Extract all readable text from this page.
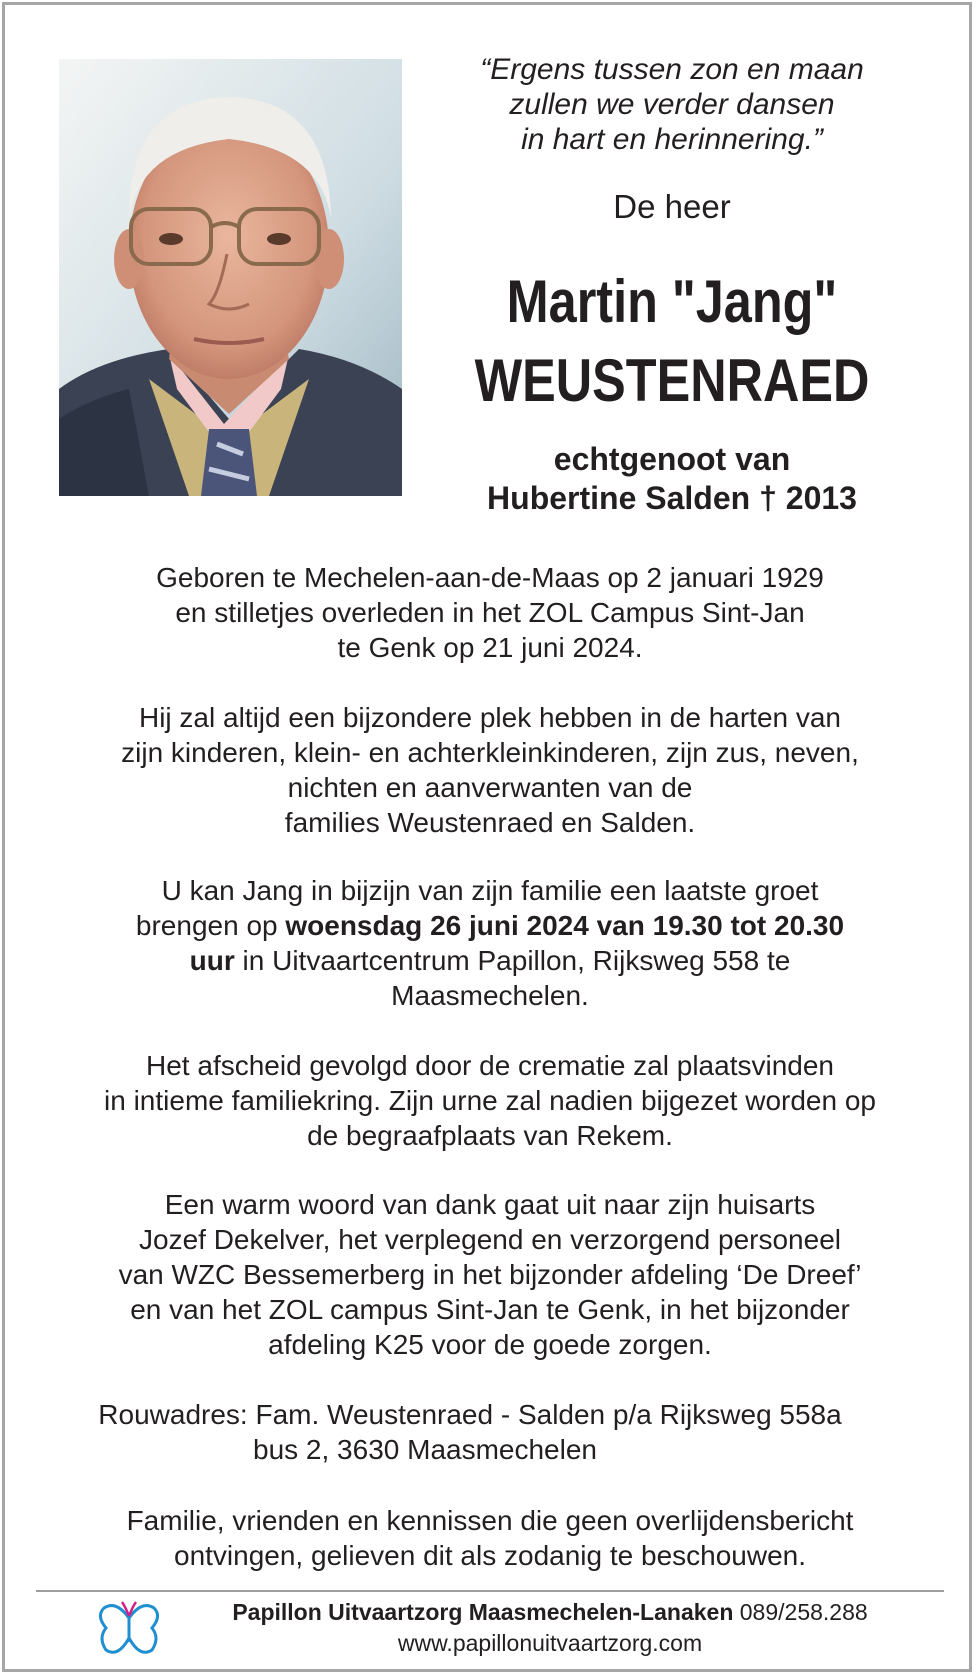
“Ergens tussen zon en maan
zullen we verder dansen
in hart en herinnering.”
De heer
Martin "Jang"
WEUSTENRAED
echtgenoot van
Hubertine Salden † 2013
Geboren te Mechelen-aan-de-Maas op 2 januari 1929
en stilletjes overleden in het ZOL Campus Sint-Jan
te Genk op 21 juni 2024.
Hij zal altijd een bijzondere plek hebben in de harten van
zijn kinderen, klein- en achterkleinkinderen, zijn zus, neven,
nichten en aanverwanten van de
families Weustenraed en Salden.
U kan Jang in bijzijn van zijn familie een laatste groet
brengen op woensdag 26 juni 2024 van 19.30 tot 20.30
uur in Uitvaartcentrum Papillon, Rijksweg 558 te
Maasmechelen.
Het afscheid gevolgd door de crematie zal plaatsvinden
in intieme familiekring. Zijn urne zal nadien bijgezet worden op
de begraafplaats van Rekem.
Een warm woord van dank gaat uit naar zijn huisarts
Jozef Dekelver, het verplegend en verzorgend personeel
van WZC Bessemerberg in het bijzonder afdeling ‘De Dreef’
en van het ZOL campus Sint-Jan te Genk, in het bijzonder
afdeling K25 voor de goede zorgen.
Rouwadres: Fam. Weustenraed - Salden p/a Rijksweg 558a
bus 2, 3630 Maasmechelen
Familie, vrienden en kennissen die geen overlijdensbericht
ontvingen, gelieven dit als zodanig te beschouwen.
Papillon Uitvaartzorg Maasmechelen-Lanaken 089/258.288
www.papillonuitvaartzorg.com
